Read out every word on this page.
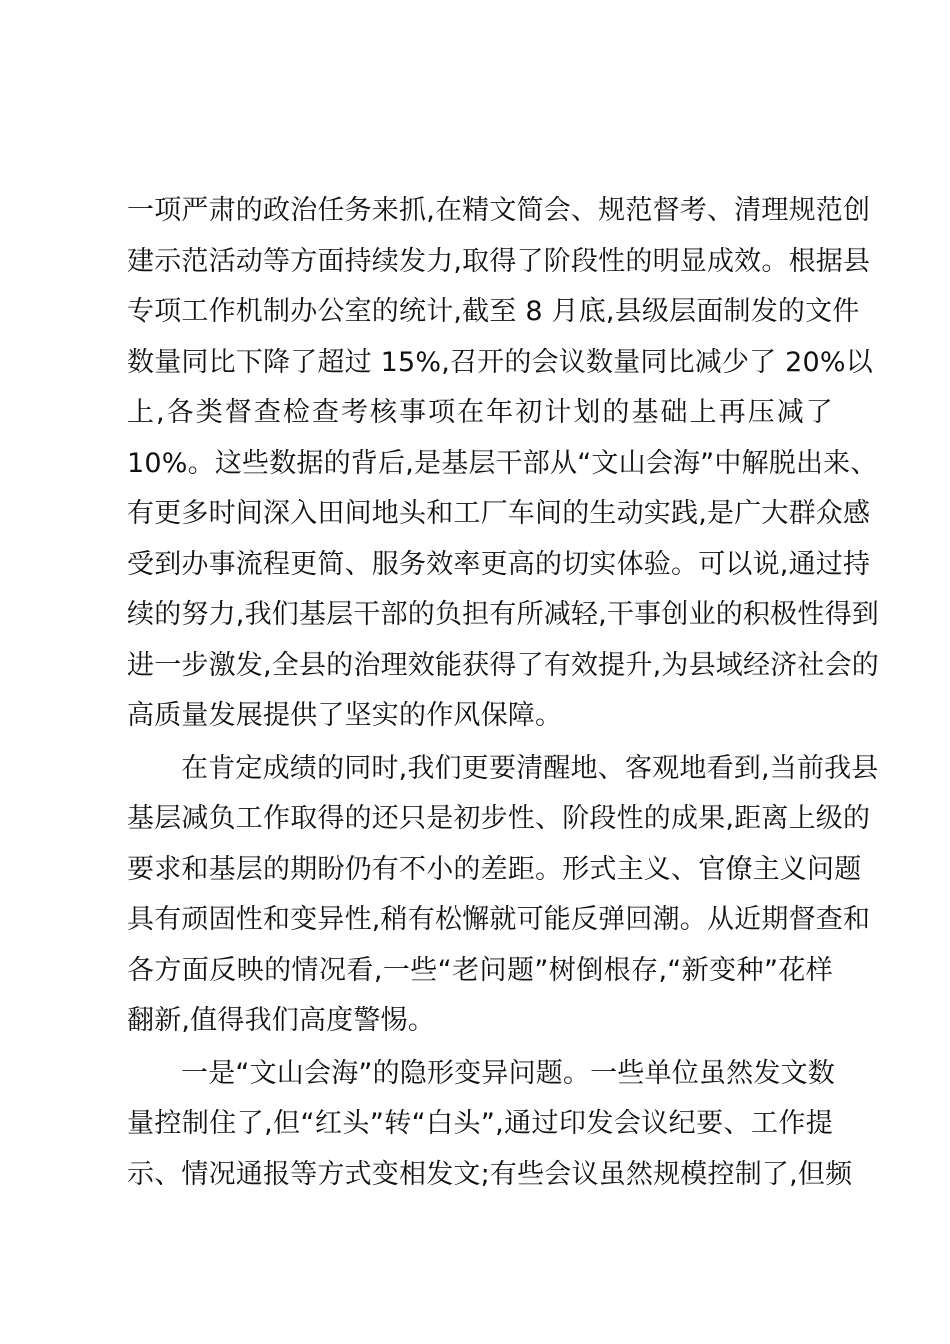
一项严肃的政治任务来抓,在精文简会、规范督考、清理规范创
建示范活动等方面持续发力,取得了阶段性的明显成效。根据县
专项工作机制办公室的统计,截至 8 月底,县级层面制发的文件
数量同比下降了超过 15%,召开的会议数量同比减少了 20%以
上,各类督查检查考核事项在年初计划的基础上再压减了
10%。这些数据的背后,是基层干部从“文山会海”中解脱出来、
有更多时间深入田间地头和工厂车间的生动实践,是广大群众感
受到办事流程更简、服务效率更高的切实体验。可以说,通过持
续的努力,我们基层干部的负担有所减轻,干事创业的积极性得到
进一步激发,全县的治理效能获得了有效提升,为县域经济社会的
高质量发展提供了坚实的作风保障。
在肯定成绩的同时,我们更要清醒地、客观地看到,当前我县
基层减负工作取得的还只是初步性、阶段性的成果,距离上级的
要求和基层的期盼仍有不小的差距。形式主义、官僚主义问题
具有顽固性和变异性,稍有松懈就可能反弹回潮。从近期督查和
各方面反映的情况看,一些“老问题”树倒根存,“新变种”花样
翻新,值得我们高度警惕。
一是“文山会海”的隐形变异问题。一些单位虽然发文数
量控制住了,但“红头”转“白头”,通过印发会议纪要、工作提
示、情况通报等方式变相发文;有些会议虽然规模控制了,但频
